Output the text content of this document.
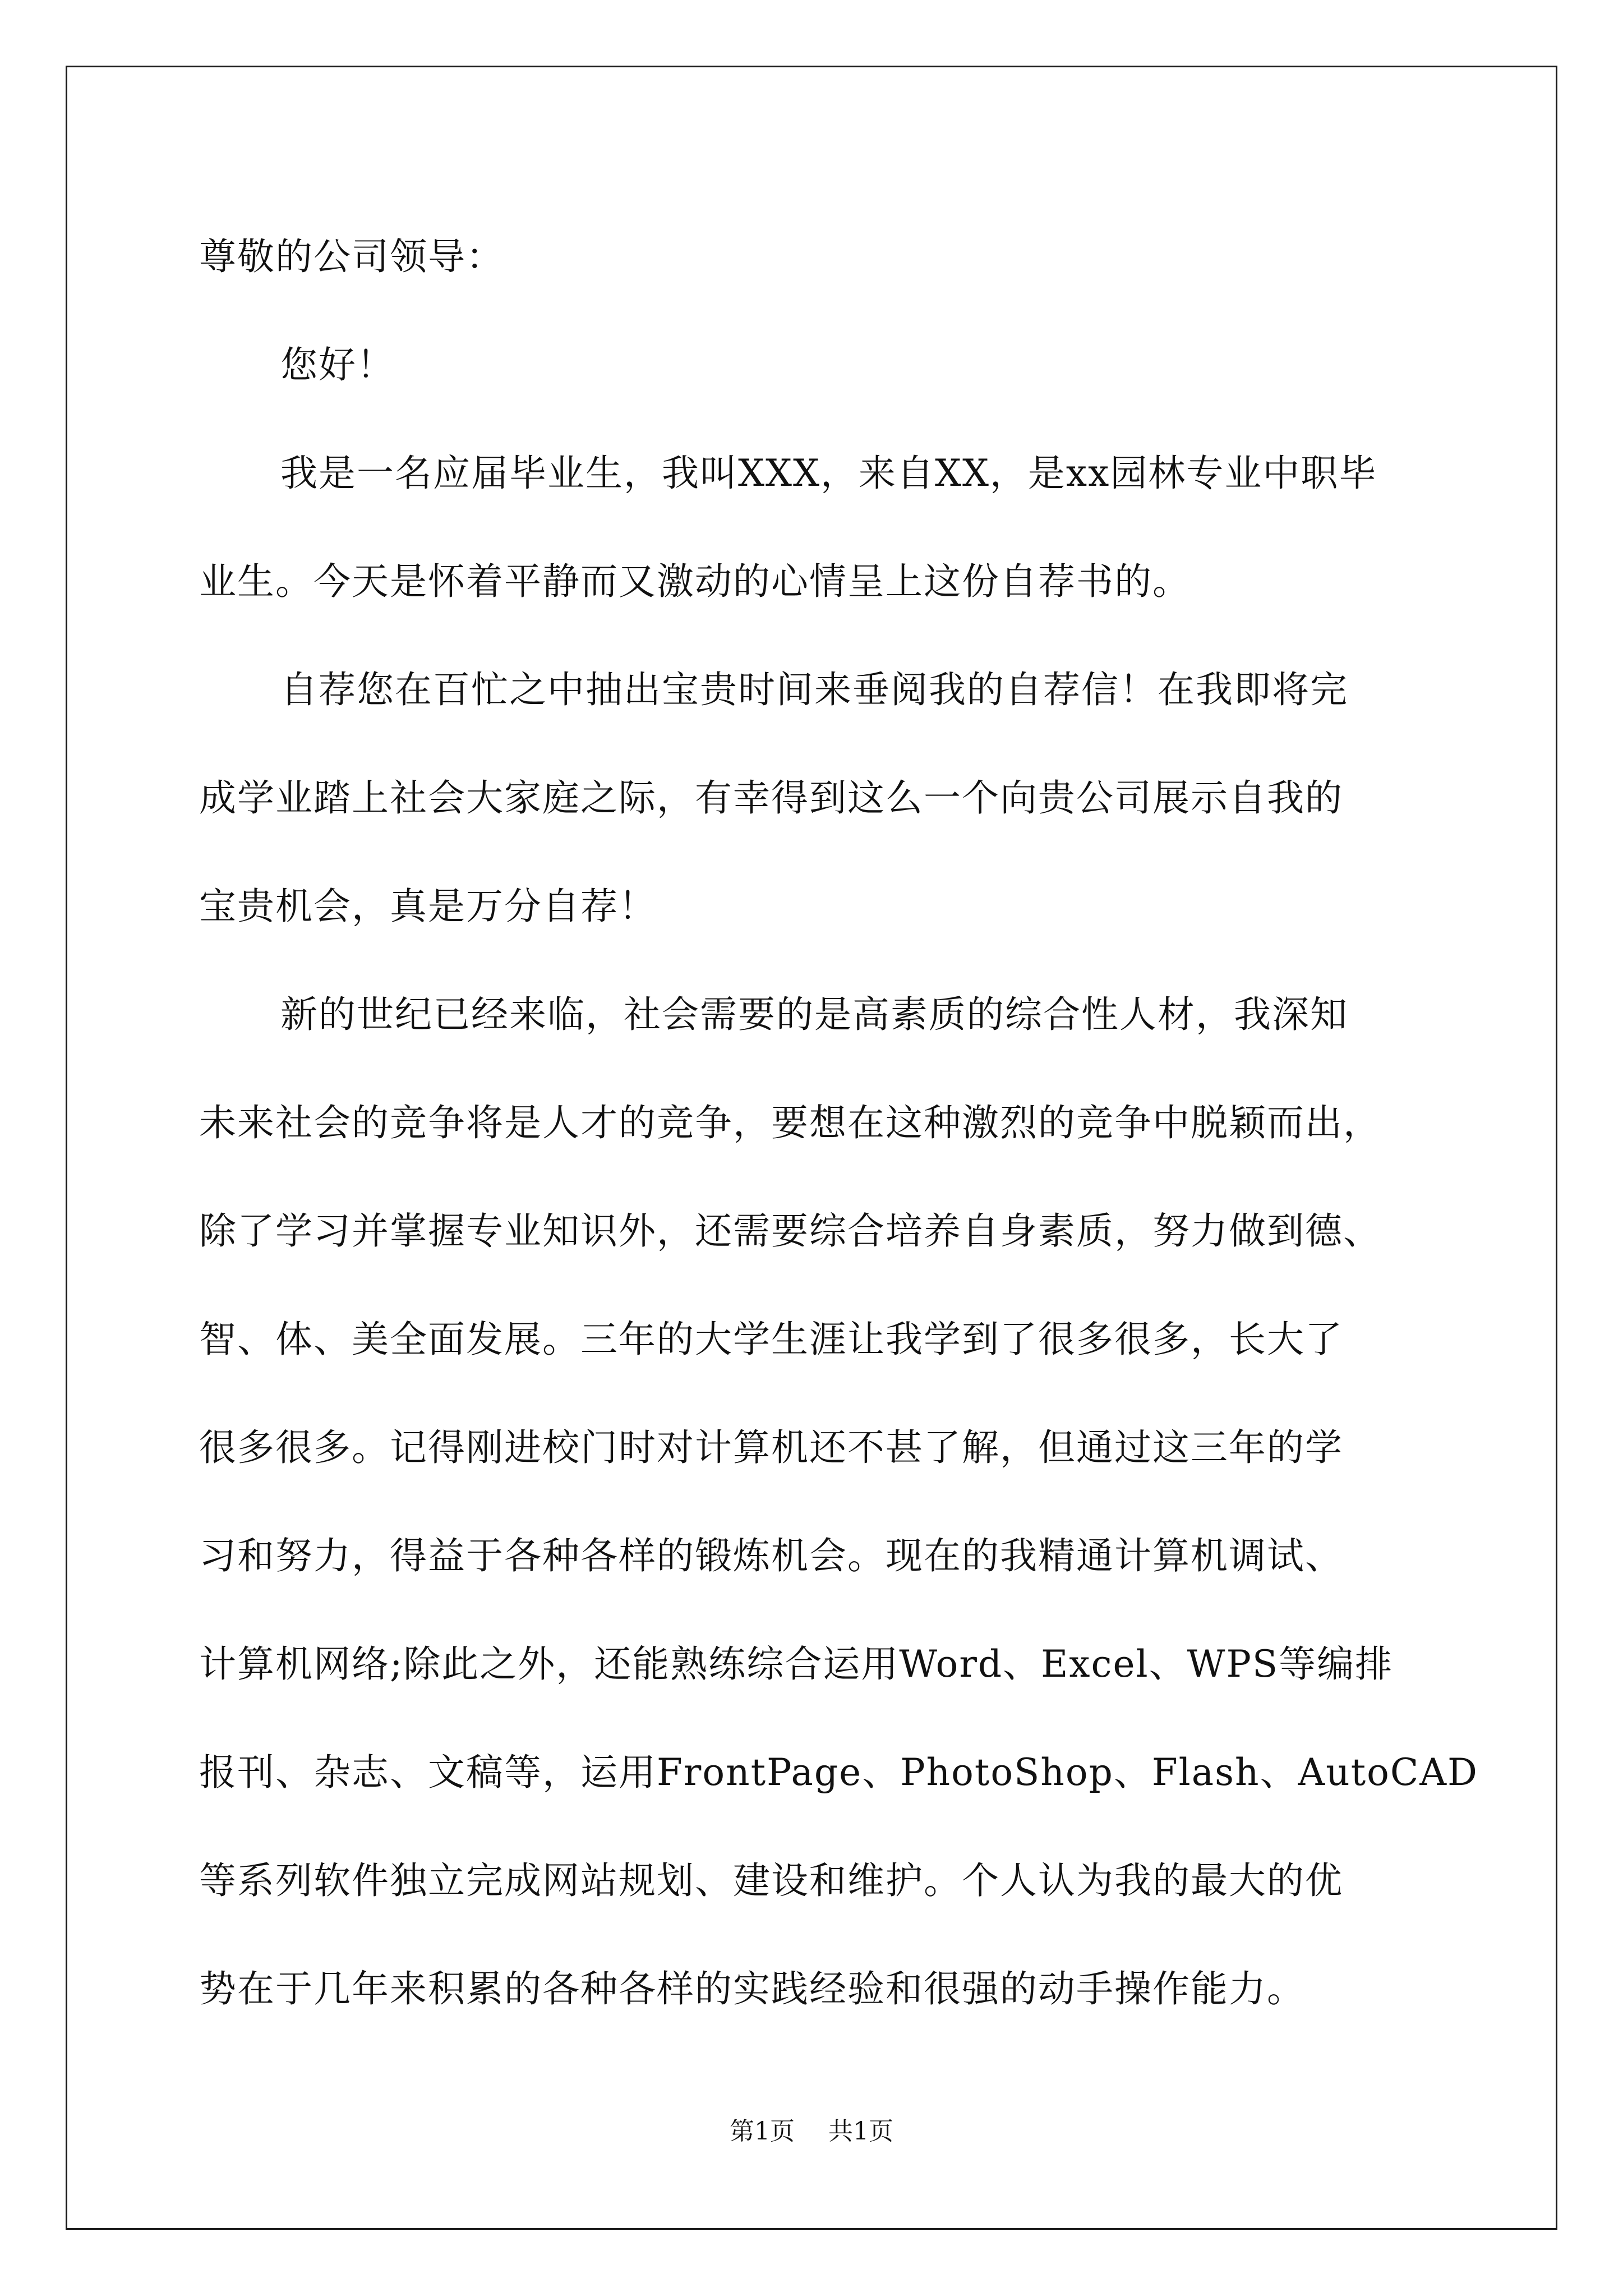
尊敬的公司领导：
您好！
我是一名应届毕业生，我叫XXX，来自XX，是xx园林专业中职毕
业生。今天是怀着平静而又激动的心情呈上这份自荐书的。
自荐您在百忙之中抽出宝贵时间来垂阅我的自荐信！在我即将完
成学业踏上社会大家庭之际，有幸得到这么一个向贵公司展示自我的
宝贵机会，真是万分自荐！
新的世纪已经来临，社会需要的是高素质的综合性人材，我深知
未来社会的竞争将是人才的竞争，要想在这种激烈的竞争中脱颖而出，
除了学习并掌握专业知识外，还需要综合培养自身素质，努力做到德、
智、体、美全面发展。三年的大学生涯让我学到了很多很多，长大了
很多很多。记得刚进校门时对计算机还不甚了解，但通过这三年的学
习和努力，得益于各种各样的锻炼机会。现在的我精通计算机调试、
计算机网络;除此之外，还能熟练综合运用Word、Excel、WPS等编排
报刊、杂志、文稿等，运用FrontPage、PhotoShop、Flash、AutoCAD
等系列软件独立完成网站规划、建设和维护。个人认为我的最大的优
势在于几年来积累的各种各样的实践经验和很强的动手操作能力。
第1页 共1页
